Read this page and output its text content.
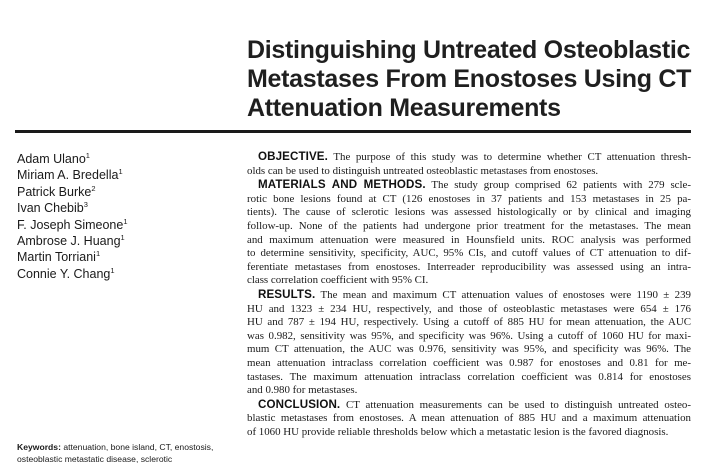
Distinguishing Untreated Osteoblastic
Metastases From Enostoses Using CT
Attenuation Measurements
Adam Ulano$^1$
Miriam A. Bredella$^1$
Patrick Burke$^2$
Ivan Chebib$^3$
F. Joseph Simeone$^1$
Ambrose J. Huang$^1$
Martin Torriani$^1$
Connie Y. Chang$^1$
Keywords: attenuation, bone island, CT, enostosis,
osteoblastic metastatic disease, sclerotic
OBJECTIVE. The purpose of this study was to determine whether CT attenuation thresh-
olds can be used to distinguish untreated osteoblastic metastases from enostoses.
MATERIALS AND METHODS. The study group comprised 62 patients with 279 scle-
rotic bone lesions found at CT (126 enostoses in 37 patients and 153 metastases in 25 pa-
tients). The cause of sclerotic lesions was assessed histologically or by clinical and imaging
follow-up. None of the patients had undergone prior treatment for the metastases. The mean
and maximum attenuation were measured in Hounsfield units. ROC analysis was performed
to determine sensitivity, specificity, AUC, 95% CIs, and cutoff values of CT attenuation to dif-
ferentiate metastases from enostoses. Interreader reproducibility was assessed using an intra-
class correlation coefficient with 95% CI.
RESULTS. The mean and maximum CT attenuation values of enostoses were 1190 ± 239
HU and 1323 ± 234 HU, respectively, and those of osteoblastic metastases were 654 ± 176
HU and 787 ± 194 HU, respectively. Using a cutoff of 885 HU for mean attenuation, the AUC
was 0.982, sensitivity was 95%, and specificity was 96%. Using a cutoff of 1060 HU for maxi-
mum CT attenuation, the AUC was 0.976, sensitivity was 95%, and specificity was 96%. The
mean attenuation intraclass correlation coefficient was 0.987 for enostoses and 0.81 for me-
tastases. The maximum attenuation intraclass correlation coefficient was 0.814 for enostoses
and 0.980 for metastases.
CONCLUSION. CT attenuation measurements can be used to distinguish untreated osteo-
blastic metastases from enostoses. A mean attenuation of 885 HU and a maximum attenuation
of 1060 HU provide reliable thresholds below which a metastatic lesion is the favored diagnosis.
